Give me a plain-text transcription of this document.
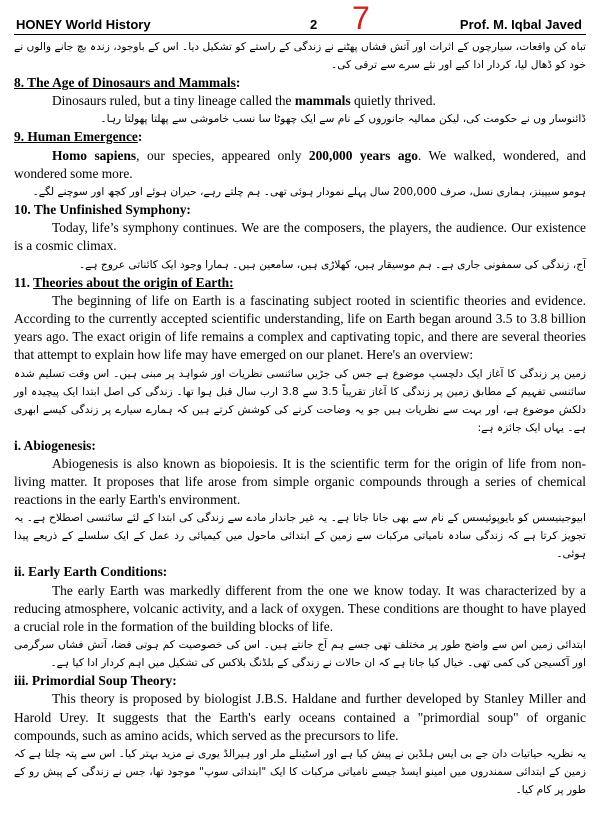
HONEY World History	2 7	Prof. M. Iqbal Javed

تباہ کن واقعات، سیارچوں کے اثرات اور آتش فشاں پھٹنے نے زندگی کے راستے کو تشکیل دیا۔ اس کے باوجود، زندہ بچ جانے والوں نے خود کو ڈھال لیا، کردار ادا کیے اور نئے سرے سے ترقی کی۔

8. The Age of Dinosaurs and Mammals:

Dinosaurs ruled, but a tiny lineage called the mammals quietly thrived.

ڈائنوسار وں نے حکومت کی، لیکن ممالیہ جانوروں کے نام سے ایک چھوٹا سا نسب خاموشی سے پھلتا پھولتا رہا۔

9. Human Emergence:

Homo sapiens, our species, appeared only 200,000 years ago. We walked, wondered, and wondered some more.

ہومو سیپینز، ہماری نسل، صرف 200,000 سال پہلے نمودار ہوئی تھی۔ ہم چلتے رہے، حیران ہوئے اور کچھ اور سوچنے لگے۔

10. The Unfinished Symphony:

Today, life’s symphony continues. We are the composers, the players, the audience. Our existence is a cosmic climax.

آج، زندگی کی سمفونی جاری ہے۔ ہم موسیقار ہیں، کھلاڑی ہیں، سامعین ہیں۔ ہمارا وجود ایک کائناتی عروج ہے۔

11. Theories about the origin of Earth:

The beginning of life on Earth is a fascinating subject rooted in scientific theories and evidence. According to the currently accepted scientific understanding, life on Earth began around 3.5 to 3.8 billion years ago. The exact origin of life remains a complex and captivating topic, and there are several theories that attempt to explain how life may have emerged on our planet. Here's an overview:

زمین پر زندگی کا آغاز ایک دلچسپ موضوع ہے جس کی جڑیں سائنسی نظریات اور شواہد پر مبنی ہیں۔ اس وقت تسلیم شدہ سائنسی تفہیم کے مطابق زمین پر زندگی کا آغاز تقریباً 3.5 سے 3.8 ارب سال قبل ہوا تھا۔ زندگی کی اصل ابتدا ایک پیچیدہ اور دلکش موضوع ہے، اور بہت سے نظریات ہیں جو یہ وضاحت کرنے کی کوشش کرتے ہیں کہ ہمارے سیارے پر زندگی کیسے ابھری ہے۔ یہاں ایک جائزہ ہے:

i. Abiogenesis:

Abiogenesis is also known as biopoiesis. It is the scientific term for the origin of life from non-living matter. It proposes that life arose from simple organic compounds through a series of chemical reactions in the early Earth's environment.

ابیوجینیسس کو بایوپوئیسس کے نام سے بھی جانا جاتا ہے۔ یہ غیر جاندار مادے سے زندگی کی ابتدا کے لئے سائنسی اصطلاح ہے۔ یہ تجویز کرتا ہے کہ زندگی سادہ نامیاتی مرکبات سے زمین کے ابتدائی ماحول میں کیمیائی رد عمل کے ایک سلسلے کے ذریعے پیدا ہوئی۔

ii. Early Earth Conditions:

The early Earth was markedly different from the one we know today. It was characterized by a reducing atmosphere, volcanic activity, and a lack of oxygen. These conditions are thought to have played a crucial role in the formation of the building blocks of life.

ابتدائی زمین اس سے واضح طور پر مختلف تھی جسے ہم آج جانتے ہیں۔ اس کی خصوصیت کم ہوتی فضا، آتش فشاں سرگرمی اور آکسیجن کی کمی تھی۔ خیال کیا جاتا ہے کہ ان حالات نے زندگی کے بلڈنگ بلاکس کی تشکیل میں اہم کردار ادا کیا ہے۔

iii. Primordial Soup Theory:

This theory is proposed by biologist J.B.S. Haldane and further developed by Stanley Miller and Harold Urey. It suggests that the Earth's early oceans contained a "primordial soup" of organic compounds, such as amino acids, which served as the precursors to life.

یہ نظریہ حیاتیات دان جے بی ایس ہلڈین نے پیش کیا ہے اور اسٹینلے ملر اور ہیرالڈ یوری نے مزید بہتر کیا۔ اس سے پتہ چلتا ہے کہ زمین کے ابتدائی سمندروں میں امینو ایسڈ جیسے نامیاتی مرکبات کا ایک "ابتدائی سوپ" موجود تھا، جس نے زندگی کے پیش رو کے طور پر کام کیا۔
